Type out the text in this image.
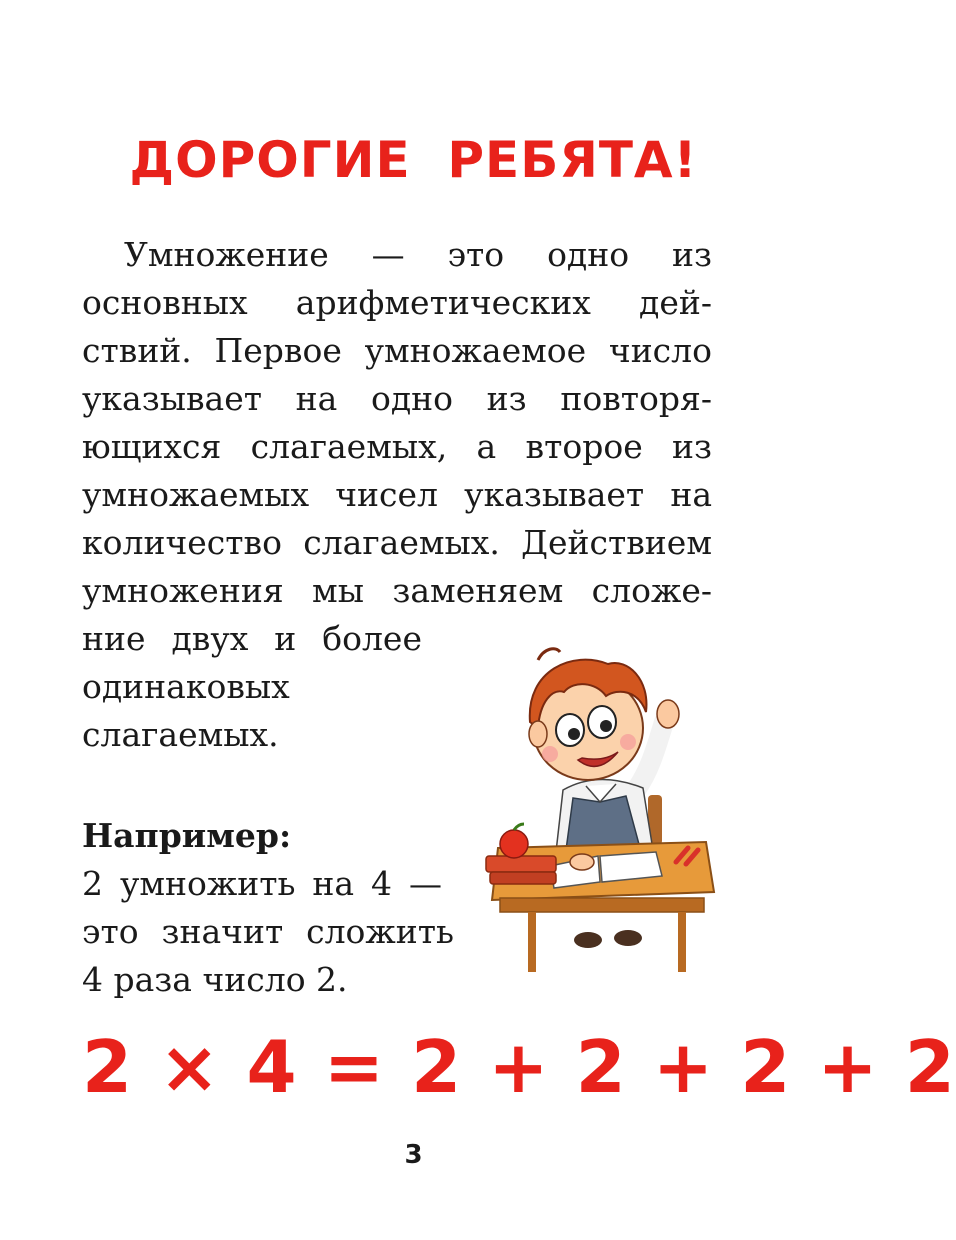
ДОРОГИЕ  РЕБЯТА!
Умножение — это одно из
основных арифметических дей-
ствий. Первое умножаемое число
указывает на одно из повторя-
ющихся слагаемых, а второе из
умножаемых чисел указывает на
количество слагаемых. Действием
умножения мы заменяем сложе-
ние двух и более
одинаковых
слагаемых.
Например:
2 умножить на 4 —
это значит сложить
4 раза число 2.
2 × 4 = 2 + 2 + 2 + 2
3
